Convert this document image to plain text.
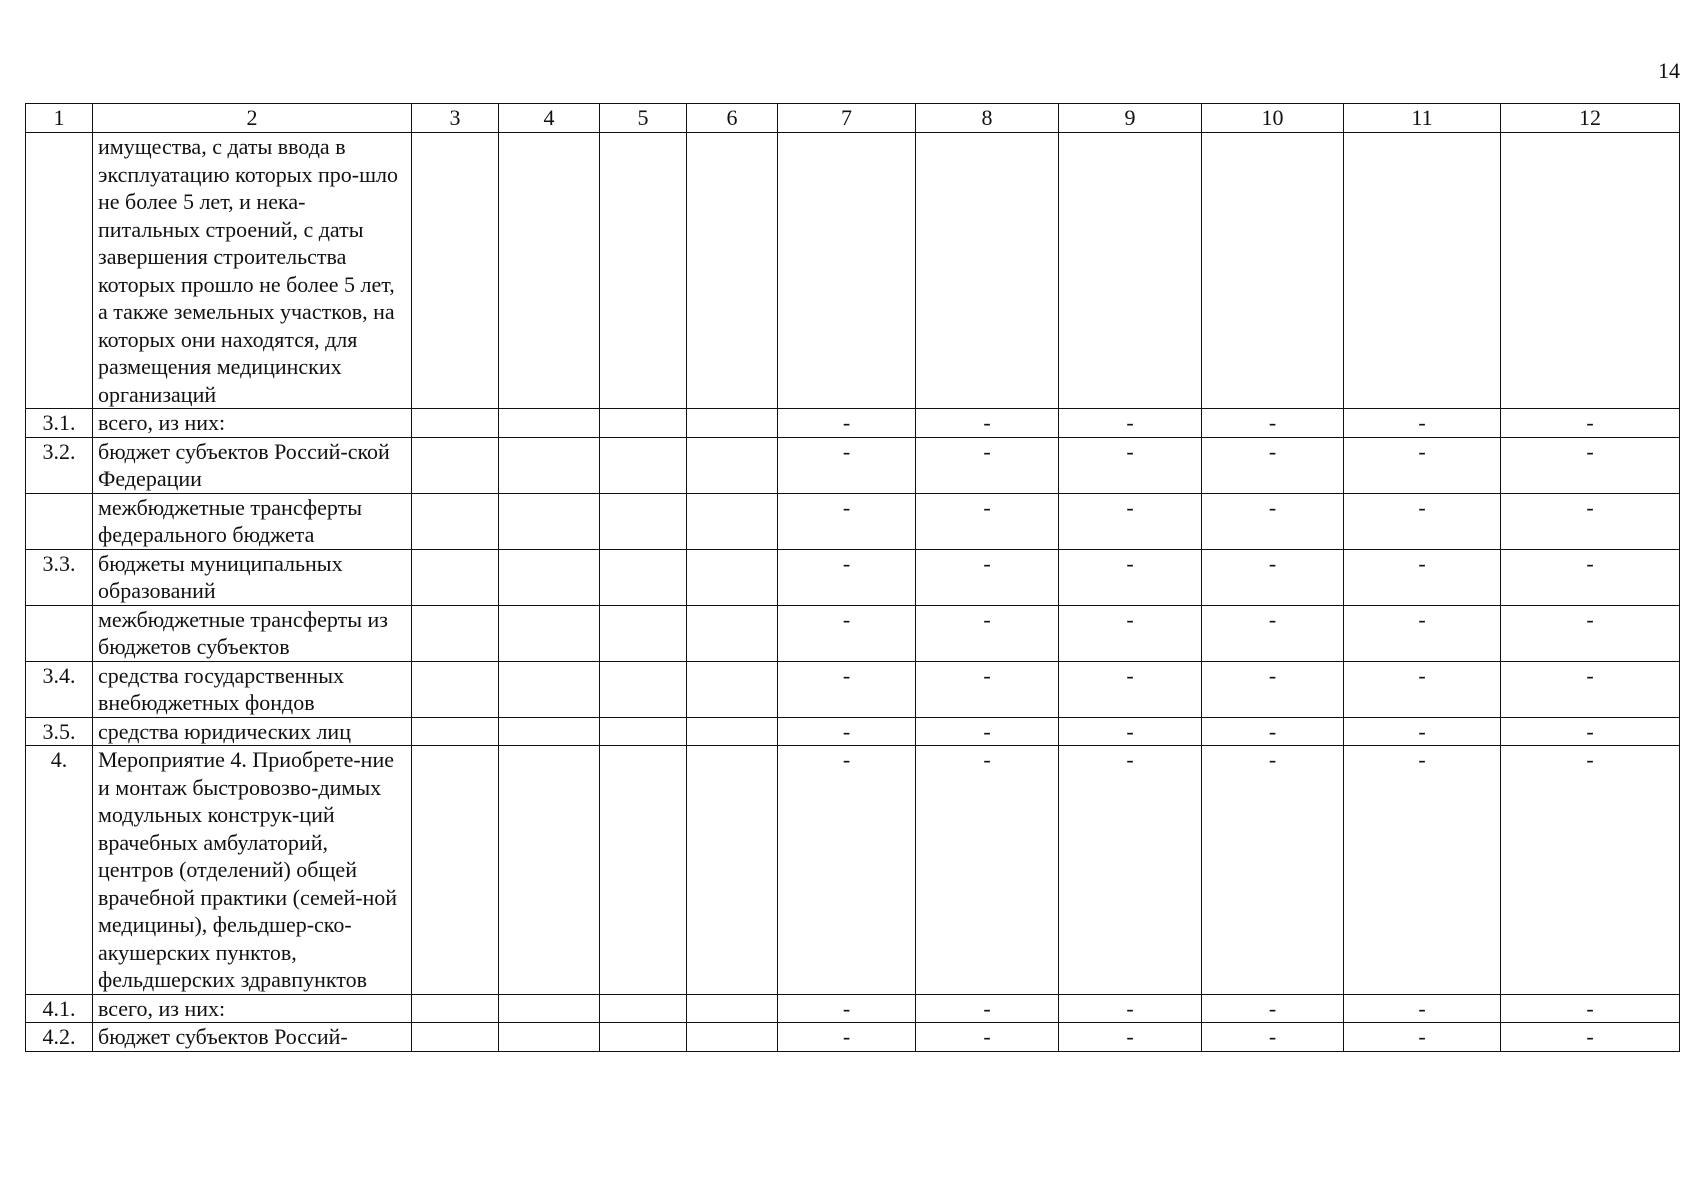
14
1	2	3	4	5	6	7	8	9	10	11	12
	имущества, с даты ввода в эксплуатацию которых про-шло не более 5 лет, и нека-питальных строений, с даты завершения строительства которых прошло не более 5 лет, а также земельных участков, на которых они находятся, для размещения медицинских организаций										
3.1.	всего, из них:					-	-	-	-	-	-
3.2.	бюджет субъектов Россий-ской Федерации					-	-	-	-	-	-
	межбюджетные трансферты федерального бюджета					-	-	-	-	-	-
3.3.	бюджеты муниципальных образований					-	-	-	-	-	-
	межбюджетные трансферты из бюджетов субъектов					-	-	-	-	-	-
3.4.	средства государственных внебюджетных фондов					-	-	-	-	-	-
3.5.	средства юридических лиц					-	-	-	-	-	-
4.	Мероприятие 4. Приобрете-ние и монтаж быстровозво-димых модульных конструк-ций врачебных амбулаторий, центров (отделений) общей врачебной практики (семей-ной медицины), фельдшер-ско-акушерских пунктов, фельдшерских здравпунктов					-	-	-	-	-	-
4.1.	всего, из них:					-	-	-	-	-	-
4.2.	бюджет субъектов Россий-					-	-	-	-	-	-
